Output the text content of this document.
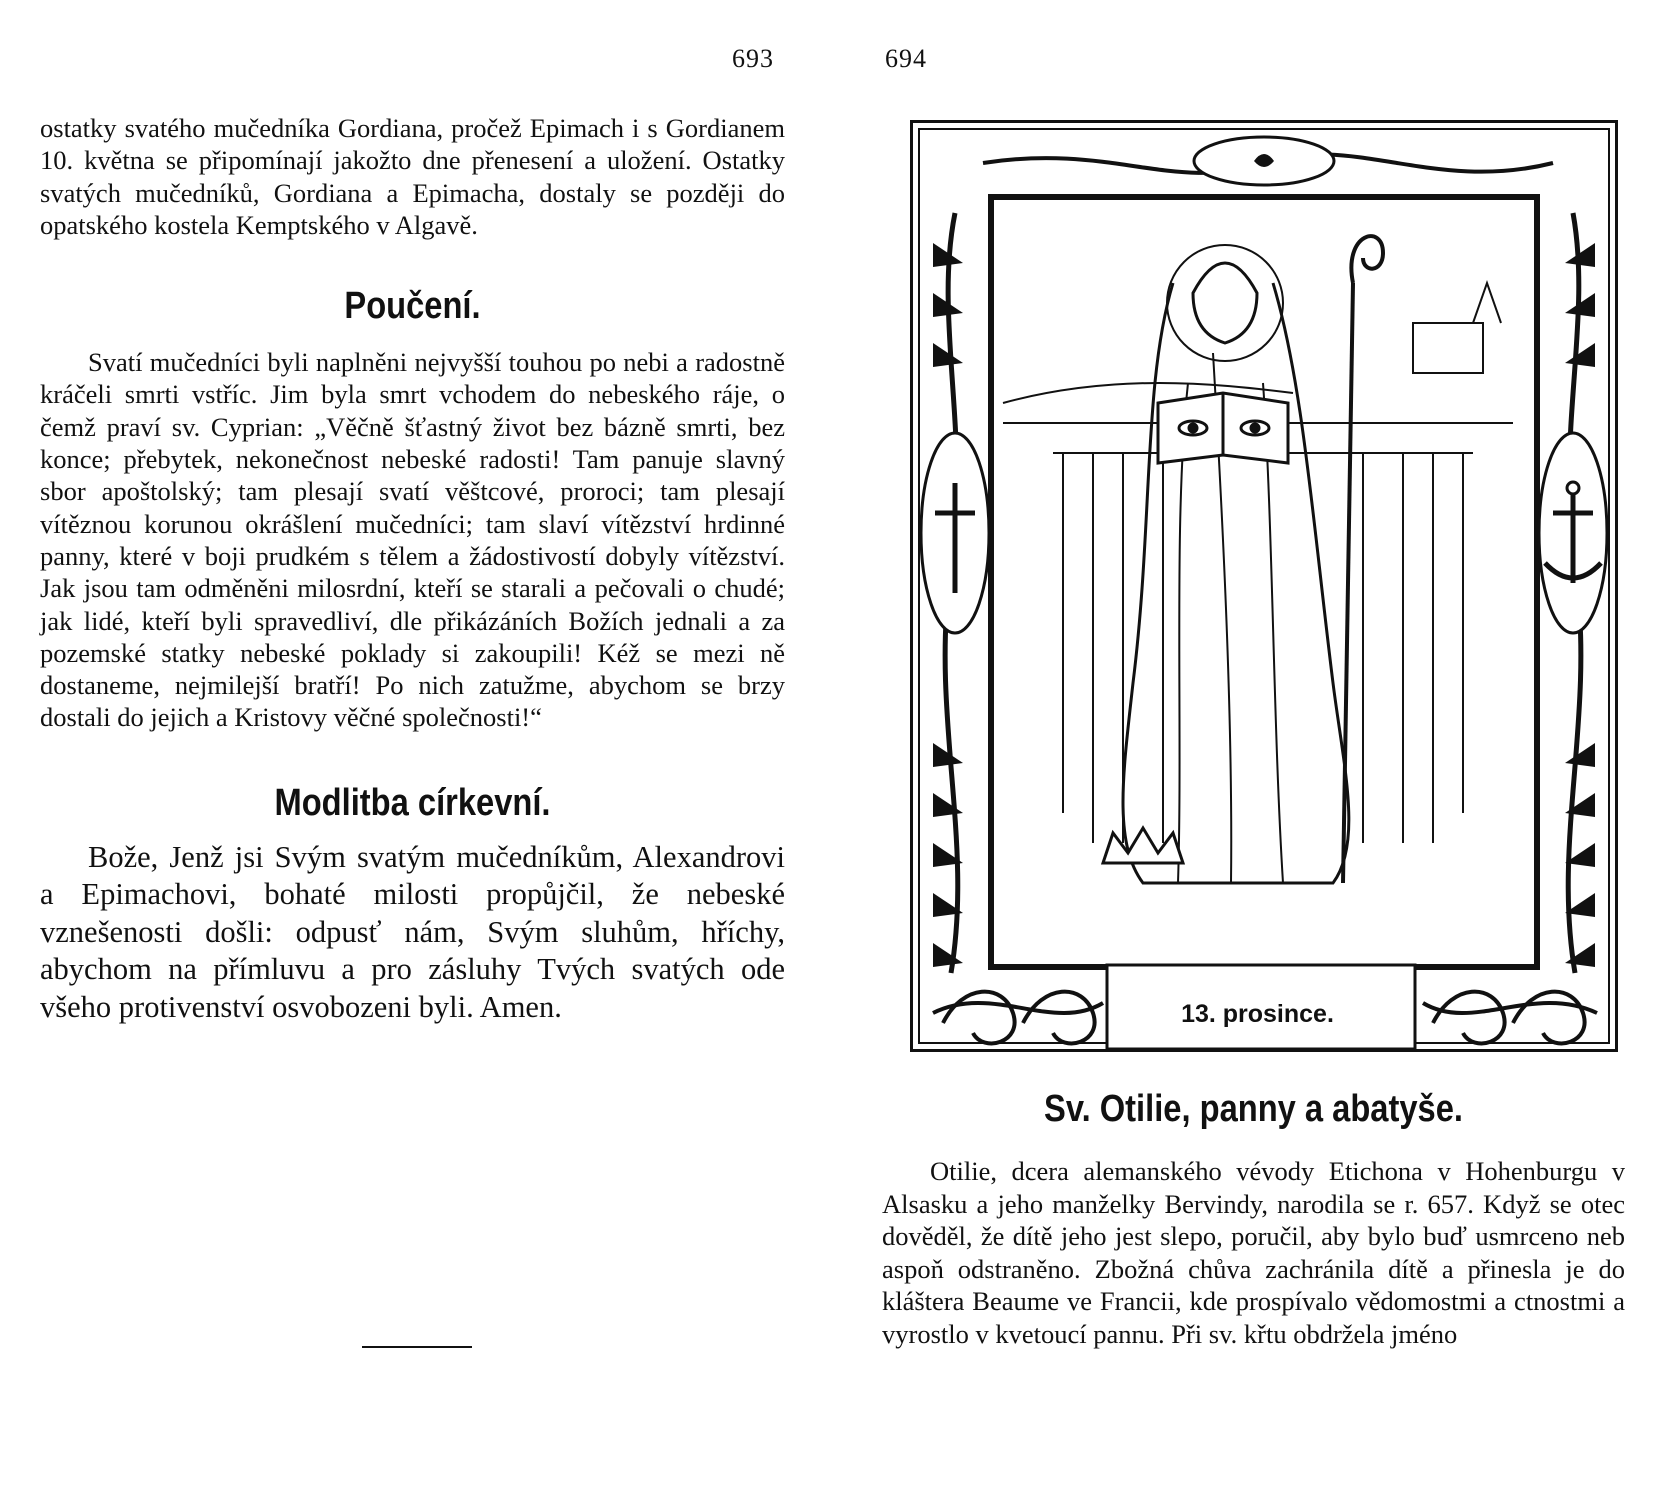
693	694

ostatky svatého mučedníka Gordiana, pročež Epimach i s Gordianem 10. května se připomínají jakožto dne přenesení a uložení. Ostatky svatých mučedníků, Gordiana a Epimacha, dostaly se později do opatského kostela Kemptského v Algavě.

Poučení.

Svatí mučedníci byli naplněni nejvyšší touhou po nebi a radostně kráčeli smrti vstříc. Jim byla smrt vchodem do nebeského ráje, o čemž praví sv. Cyprian: „Věčně šťastný život bez bázně smrti, bez konce; přebytek, nekonečnost nebeské radosti! Tam panuje slavný sbor apoštolský; tam plesají svatí věštcové, proroci; tam plesají vítěznou korunou okrášlení mučedníci; tam slaví vítězství hrdinné panny, které v boji prudkém s tělem a žádostivostí dobyly vítězství. Jak jsou tam odměněni milosrdní, kteří se starali a pečovali o chudé; jak lidé, kteří byli spravedliví, dle přikázáních Božích jednali a za pozemské statky nebeské poklady si zakoupili! Kéž se mezi ně dostaneme, nejmilejší bratří! Po nich zatužme, abychom se brzy dostali do jejich a Kristovy věčné společnosti!“

Modlitba církevní.

Bože, Jenž jsi Svým svatým mučedníkům, Alexandrovi a Epimachovi, bohaté milosti propůjčil, že nebeské vznešenosti došli: odpusť nám, Svým sluhům, hříchy, abychom na přímluvu a pro zásluhy Tvých svatých ode všeho protivenství osvobozeni byli. Amen.	13. prosince.
Sv. Otilie, panny a abatyše.

Otilie, dcera alemanského vévody Etichona v Hohenburgu v Alsasku a jeho manželky Bervindy, narodila se r. 657. Když se otec dověděl, že dítě jeho jest slepo, poručil, aby bylo buď usmrceno neb aspoň odstraněno. Zbožná chůva zachránila dítě a přinesla je do kláštera Beaume ve Francii, kde prospívalo vědomostmi a ctnostmi a vyrostlo v kvetoucí pannu. Při sv. křtu obdržela jméno
